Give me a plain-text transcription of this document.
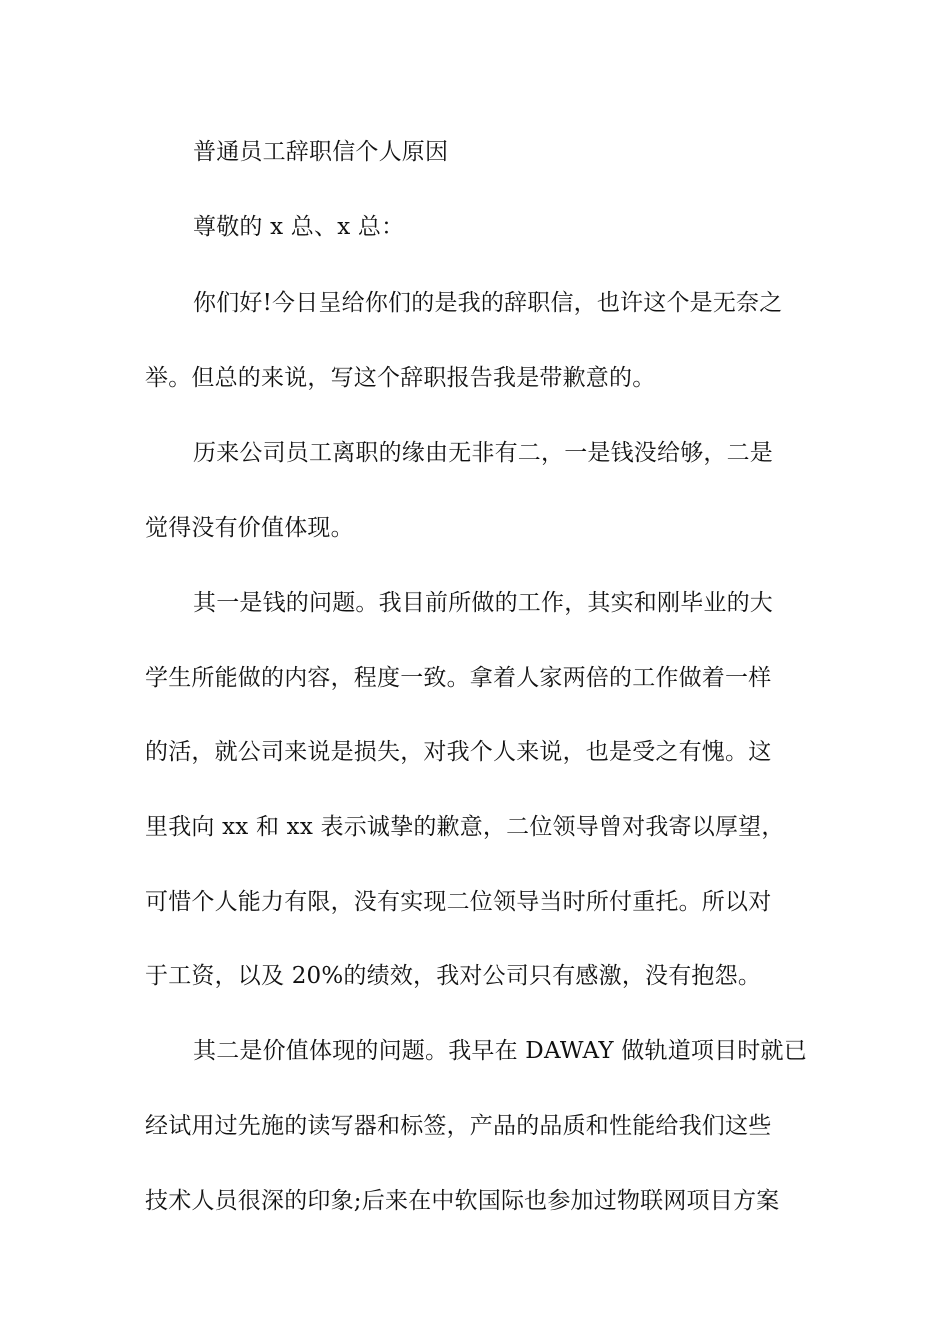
普通员工辞职信个人原因
尊敬的 x 总、x 总：
你们好!今日呈给你们的是我的辞职信，也许这个是无奈之
举。但总的来说，写这个辞职报告我是带歉意的。
历来公司员工离职的缘由无非有二，一是钱没给够，二是
觉得没有价值体现。
其一是钱的问题。我目前所做的工作，其实和刚毕业的大
学生所能做的内容，程度一致。拿着人家两倍的工作做着一样
的活，就公司来说是损失，对我个人来说，也是受之有愧。这
里我向 xx 和 xx 表示诚挚的歉意，二位领导曾对我寄以厚望，
可惜个人能力有限，没有实现二位领导当时所付重托。所以对
于工资，以及 20%的绩效，我对公司只有感激，没有抱怨。
其二是价值体现的问题。我早在 DAWAY 做轨道项目时就已
经试用过先施的读写器和标签，产品的品质和性能给我们这些
技术人员很深的印象;后来在中软国际也参加过物联网项目方案
